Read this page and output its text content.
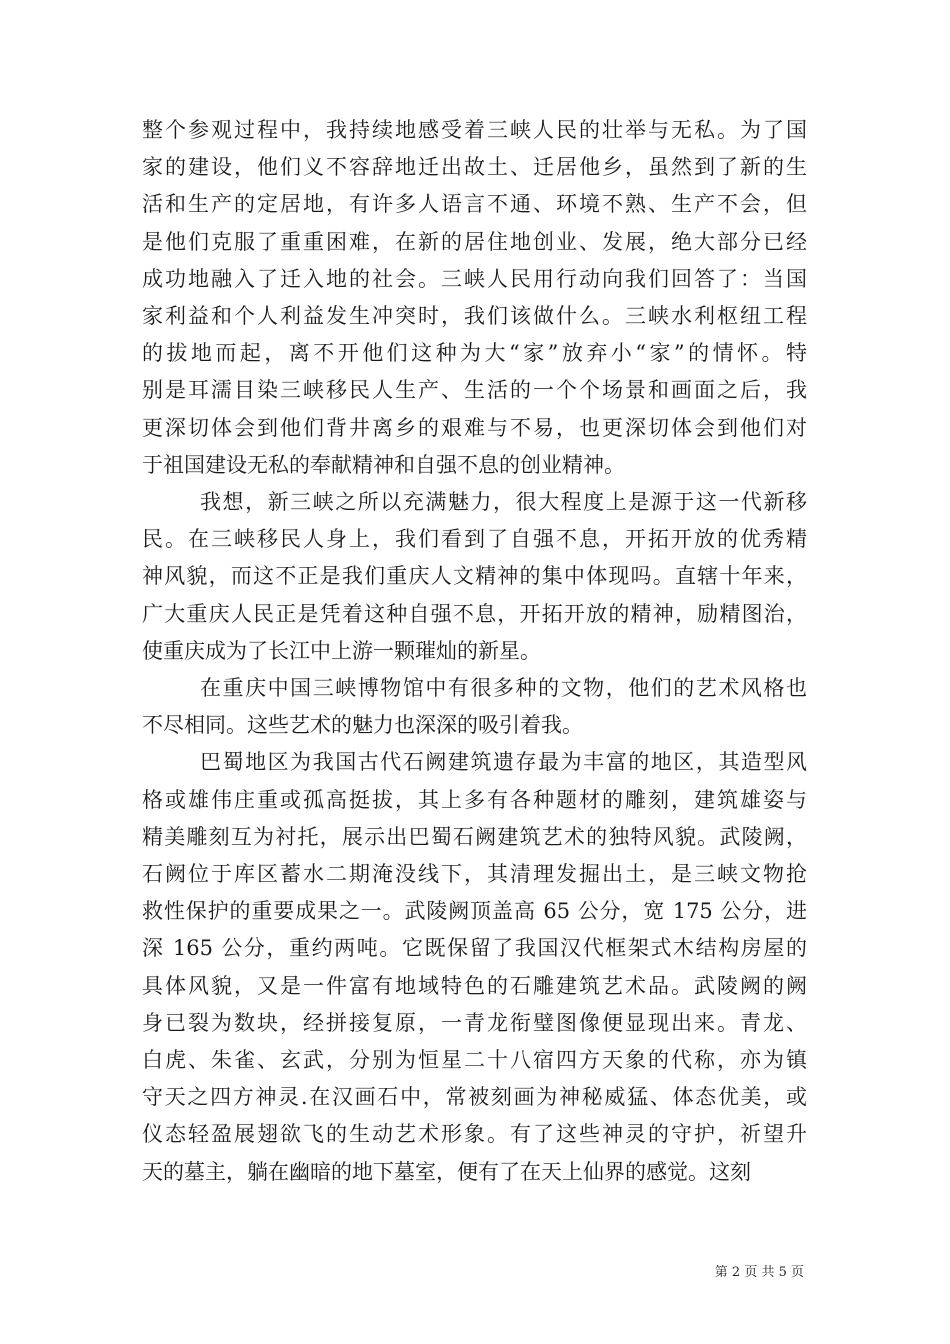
整个参观过程中，我持续地感受着三峡人民的壮举与无私。为了国
家的建设，他们义不容辞地迁出故土、迁居他乡，虽然到了新的生
活和生产的定居地，有许多人语言不通、环境不熟、生产不会，但
是他们克服了重重困难，在新的居住地创业、发展，绝大部分已经
成功地融入了迁入地的社会。三峡人民用行动向我们回答了：当国
家利益和个人利益发生冲突时，我们该做什么。三峡水利枢纽工程
的拔地而起，离不开他们这种为大“家”放弃小“家”的情怀。特
别是耳濡目染三峡移民人生产、生活的一个个场景和画面之后，我
更深切体会到他们背井离乡的艰难与不易，也更深切体会到他们对
于祖国建设无私的奉献精神和自强不息的创业精神。
我想，新三峡之所以充满魅力，很大程度上是源于这一代新移
民。在三峡移民人身上，我们看到了自强不息，开拓开放的优秀精
神风貌，而这不正是我们重庆人文精神的集中体现吗。直辖十年来，
广大重庆人民正是凭着这种自强不息，开拓开放的精神，励精图治，
使重庆成为了长江中上游一颗璀灿的新星。
在重庆中国三峡博物馆中有很多种的文物，他们的艺术风格也
不尽相同。这些艺术的魅力也深深的吸引着我。
巴蜀地区为我国古代石阙建筑遗存最为丰富的地区，其造型风
格或雄伟庄重或孤高挺拔，其上多有各种题材的雕刻，建筑雄姿与
精美雕刻互为衬托，展示出巴蜀石阙建筑艺术的独特风貌。武陵阙，
石阙位于库区蓄水二期淹没线下，其清理发掘出土，是三峡文物抢
救性保护的重要成果之一。武陵阙顶盖高 65 公分，宽 175 公分，进
深 165 公分，重约两吨。它既保留了我国汉代框架式木结构房屋的
具体风貌，又是一件富有地域特色的石雕建筑艺术品。武陵阙的阙
身已裂为数块，经拼接复原，一青龙衔璧图像便显现出来。青龙、
白虎、朱雀、玄武，分别为恒星二十八宿四方天象的代称，亦为镇
守天之四方神灵.在汉画石中，常被刻画为神秘威猛、体态优美，或
仪态轻盈展翅欲飞的生动艺术形象。有了这些神灵的守护，祈望升
天的墓主，躺在幽暗的地下墓室，便有了在天上仙界的感觉。这刻
第 2 页 共 5 页
